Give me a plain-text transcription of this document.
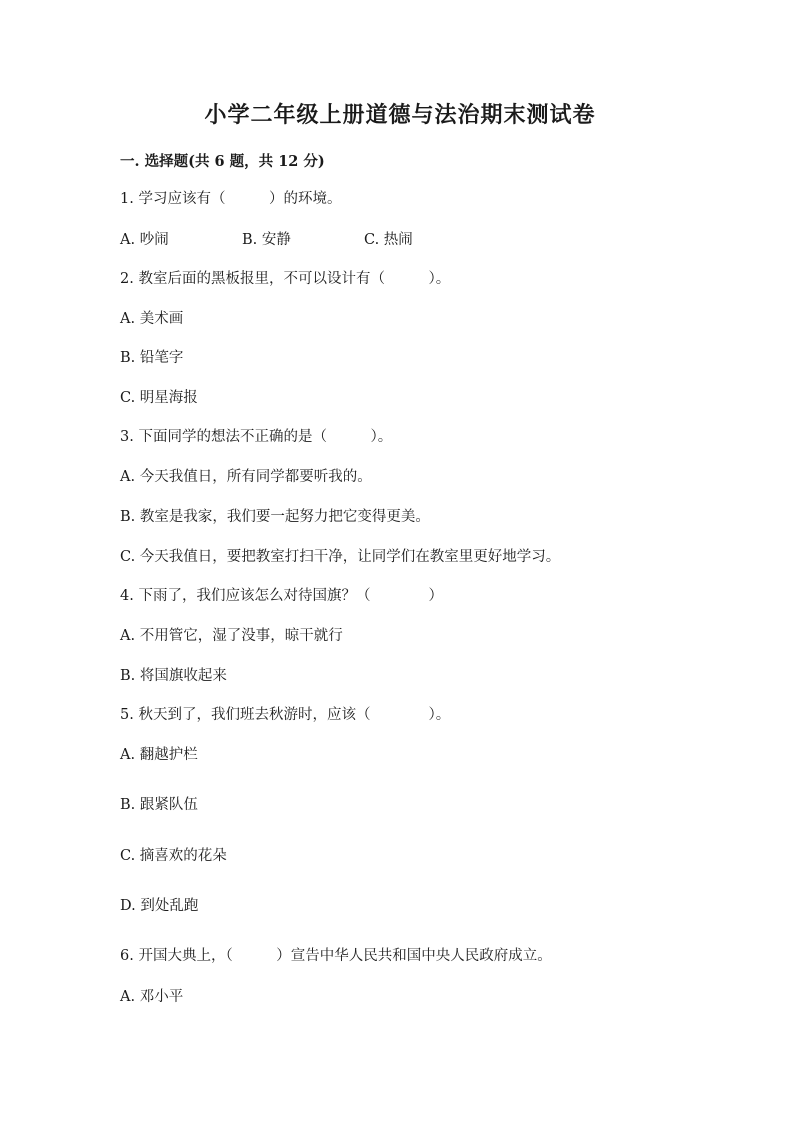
小学二年级上册道德与法治期末测试卷
一. 选择题(共 6 题，共 12 分)
1. 学习应该有（　　　）的环境。
A. 吵闹	B. 安静	C. 热闹
2. 教室后面的黑板报里，不可以设计有（　　　）。
A. 美术画
B. 铅笔字
C. 明星海报
3. 下面同学的想法不正确的是（　　　）。
A. 今天我值日，所有同学都要听我的。
B. 教室是我家，我们要一起努力把它变得更美。
C. 今天我值日，要把教室打扫干净，让同学们在教室里更好地学习。
4. 下雨了，我们应该怎么对待国旗？（　　　　）
A. 不用管它，湿了没事，晾干就行
B. 将国旗收起来
5. 秋天到了，我们班去秋游时，应该（　　　　）。
A. 翻越护栏
B. 跟紧队伍
C. 摘喜欢的花朵
D. 到处乱跑
6. 开国大典上，（　　　）宣告中华人民共和国中央人民政府成立。
A. 邓小平
